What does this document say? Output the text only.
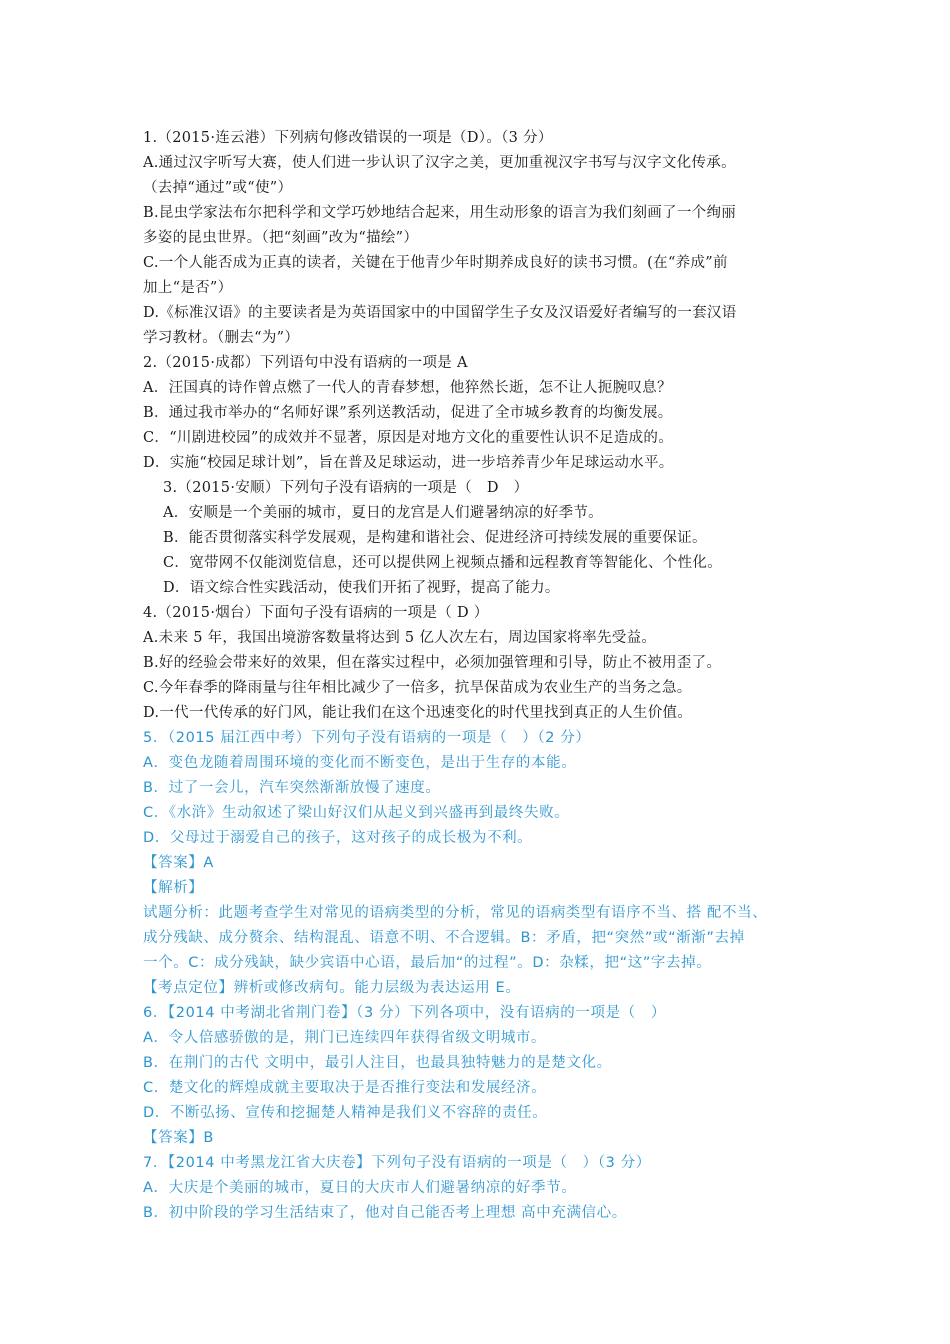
1.（2015·连云港）下列病句修改错误的一项是（D）。（3 分）
A.通过汉字听写大赛，使人们进一步认识了汉字之美，更加重视汉字书写与汉字文化传承。
（去掉“通过”或“使”）
B.昆虫学家法布尔把科学和文学巧妙地结合起来，用生动形象的语言为我们刻画了一个绚丽
多姿的昆虫世界。（把“刻画”改为“描绘”）
C.一个人能否成为正真的读者，关键在于他青少年时期养成良好的读书习惯。(在“养成”前
加上“是否”）
D.《标准汉语》的主要读者是为英语国家中的中国留学生子女及汉语爱好者编写的一套汉语
学习教材。（删去“为”）
2.（2015·成都）下列语句中没有语病的一项是 A
A．汪国真的诗作曾点燃了一代人的青春梦想，他猝然长逝，怎不让人扼腕叹息？
B．通过我市举办的“名师好课”系列送教活动，促进了全市城乡教育的均衡发展。
C．“川剧进校园”的成效并不显著，原因是对地方文化的重要性认识不足造成的。
D．实施“校园足球计划”，旨在普及足球运动，进一步培养青少年足球运动水平。
3.（2015·安顺）下列句子没有语病的一项是（　D　）
A．安顺是一个美丽的城市，夏日的龙宫是人们避暑纳凉的好季节。
B．能否贯彻落实科学发展观，是构建和谐社会、促进经济可持续发展的重要保证。
C．宽带网不仅能浏览信息，还可以提供网上视频点播和远程教育等智能化、个性化。
D．语文综合性实践活动，使我们开拓了视野，提高了能力。
4.（2015·烟台）下面句子没有语病的一项是（ D ）
A.未来 5 年，我国出境游客数量将达到 5 亿人次左右，周边国家将率先受益。
B.好的经验会带来好的效果，但在落实过程中，必须加强管理和引导，防止不被用歪了。
C.今年春季的降雨量与往年相比减少了一倍多，抗旱保苗成为农业生产的当务之急。
D.一代一代传承的好门风，能让我们在这个迅速变化的时代里找到真正的人生价值。
5．（2015 届江西中考）下列句子没有语病的一项是（　）（2 分）
A．变色龙随着周围环境的变化而不断变色，是出于生存的本能。
B．过了一会儿，汽车突然渐渐放慢了速度。
C．《水浒》生动叙述了梁山好汉们从起义到兴盛再到最终失败。
D．父母过于溺爱自己的孩子，这对孩子的成长极为不利。
【答案】A
【解析】
试题分析：此题考查学生对常见的语病类型的分析，常见的语病类型有语序不当、搭 配不当、
成分残缺、成分赘余、结构混乱、语意不明、不合逻辑。B：矛盾，把“突然”或“渐渐”去掉
一个。C：成分残缺，缺少宾语中心语，最后加“的过程”。D：杂糅，把“这”字去掉。
【考点定位】辨析或修改病句。能力层级为表达运用 E。
6．【2014 中考湖北省荆门卷】（3 分）下列各项中，没有语病的一项是（　）
A．令人倍感骄傲的是，荆门已连续四年获得省级文明城市。
B．在荆门的古代 文明中，最引人注目，也最具独特魅力的是楚文化。
C．楚文化的辉煌成就主要取决于是否推行变法和发展经济。
D．不断弘扬、宣传和挖掘楚人精神是我们义不容辞的责任。
【答案】B
7．【2014 中考黑龙江省大庆卷】下列句子没有语病的一项是（　）（3 分）
A．大庆是个美丽的城市，夏日的大庆市人们避暑纳凉的好季节。
B．初中阶段的学习生活结束了，他对自己能否考上理想 高中充满信心。
